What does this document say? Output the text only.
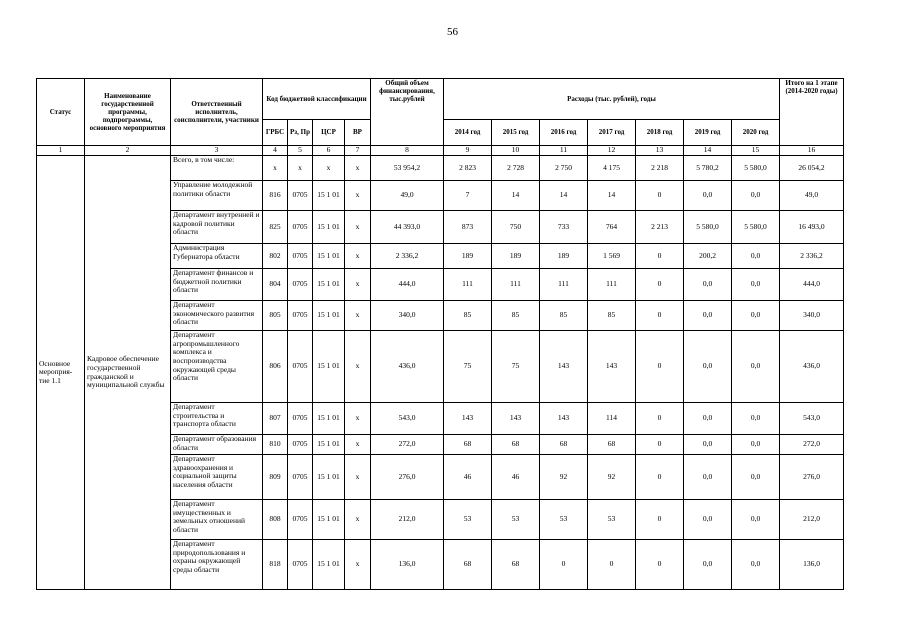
56
Статус	Наименование государственной программы, подпрограммы, основного мероприятия	Ответственный исполнитель, соисполнители, участники	Код бюджетной классификации				Общий объем финансирования, тыс.рублей	Расходы (тыс. рублей), годы							Итого на 1 этапе (2014-2020 годы)
			ГРБС	Рз, Пр	ЦСР	ВР		2014 год	2015 год	2016 год	2017 год	2018 год	2019 год	2020 год	
1	2	3	4	5	6	7	8	9	10	11	12	13	14	15	16
Основное мероприя-тие 1.1	Кадровое обеспечение государственной гражданской и муниципальной службы	Всего, в том числе:	х	х	х	х	53 954,2	2 823	2 728	2 750	4 175	2 218	5 780,2	5 580,0	26 054,2
		Управление молодежной политики области	816	0705	15 1 01	х	49,0	7	14	14	14	0	0,0	0,0	49,0
		Департамент внутренней и кадровой политики области	825	0705	15 1 01	х	44 393,0	873	750	733	764	2 213	5 580,0	5 580,0	16 493,0
		Администрация Губернатора области	802	0705	15 1 01	х	2 336,2	189	189	189	1 569	0	200,2	0,0	2 336,2
		Департамент финансов и бюджетной политики области	804	0705	15 1 01	х	444,0	111	111	111	111	0	0,0	0,0	444,0
		Департамент экономического развития области	805	0705	15 1 01	х	340,0	85	85	85	85	0	0,0	0,0	340,0
		Департамент агропромышленного комплекса и воспроизводства окружающей среды области	806	0705	15 1 01	х	436,0	75	75	143	143	0	0,0	0,0	436,0
		Департамент строительства и транспорта области	807	0705	15 1 01	х	543,0	143	143	143	114	0	0,0	0,0	543,0
		Департамент образования области	810	0705	15 1 01	х	272,0	68	68	68	68	0	0,0	0,0	272,0
		Департамент здравоохранения и социальной защиты населения области	809	0705	15 1 01	х	276,0	46	46	92	92	0	0,0	0,0	276,0
		Департамент имущественных и земельных отношений области	808	0705	15 1 01	х	212,0	53	53	53	53	0	0,0	0,0	212,0
		Департамент природопользования и охраны окружающей среды области	818	0705	15 1 01	х	136,0	68	68	0	0	0	0,0	0,0	136,0
